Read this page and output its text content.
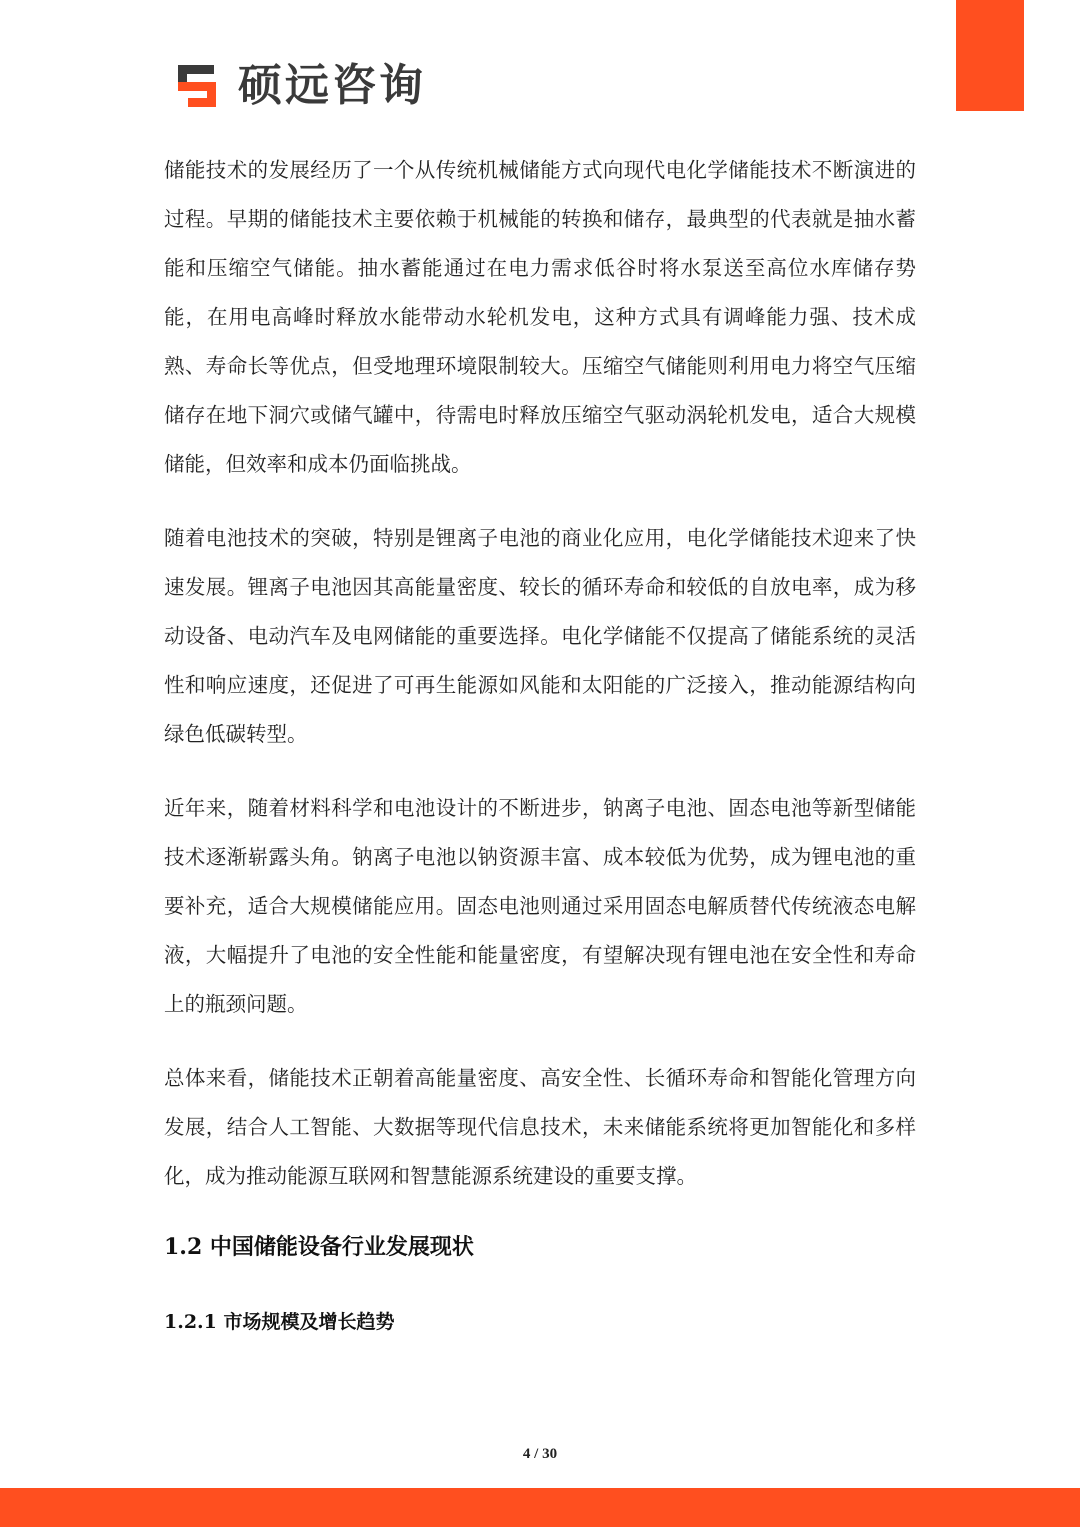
硕远咨询

储能技术的发展经历了一个从传统机械储能方式向现代电化学储能技术不断演进的过程。早期的储能技术主要依赖于机械能的转换和储存，最典型的代表就是抽水蓄能和压缩空气储能。抽水蓄能通过在电力需求低谷时将水泵送至高位水库储存势能，在用电高峰时释放水能带动水轮机发电，这种方式具有调峰能力强、技术成熟、寿命长等优点，但受地理环境限制较大。压缩空气储能则利用电力将空气压缩储存在地下洞穴或储气罐中，待需电时释放压缩空气驱动涡轮机发电，适合大规模储能，但效率和成本仍面临挑战。

随着电池技术的突破，特别是锂离子电池的商业化应用，电化学储能技术迎来了快速发展。锂离子电池因其高能量密度、较长的循环寿命和较低的自放电率，成为移动设备、电动汽车及电网储能的重要选择。电化学储能不仅提高了储能系统的灵活性和响应速度，还促进了可再生能源如风能和太阳能的广泛接入，推动能源结构向绿色低碳转型。

近年来，随着材料科学和电池设计的不断进步，钠离子电池、固态电池等新型储能技术逐渐崭露头角。钠离子电池以钠资源丰富、成本较低为优势，成为锂电池的重要补充，适合大规模储能应用。固态电池则通过采用固态电解质替代传统液态电解液，大幅提升了电池的安全性能和能量密度，有望解决现有锂电池在安全性和寿命上的瓶颈问题。

总体来看，储能技术正朝着高能量密度、高安全性、长循环寿命和智能化管理方向发展，结合人工智能、大数据等现代信息技术，未来储能系统将更加智能化和多样化，成为推动能源互联网和智慧能源系统建设的重要支撑。

1.2 中国储能设备行业发展现状
1.2.1 市场规模及增长趋势
4 / 30
